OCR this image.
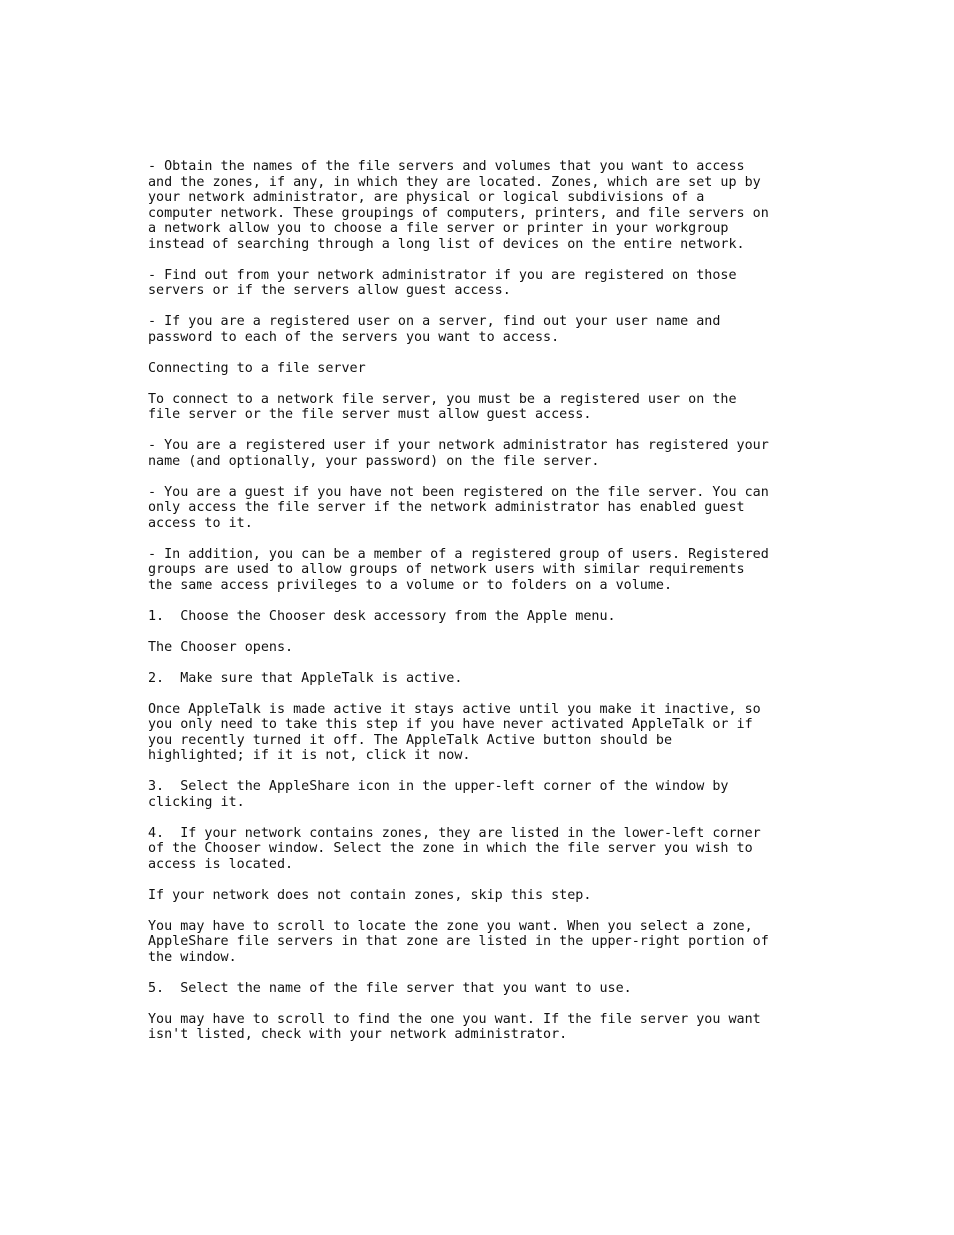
- Obtain the names of the file servers and volumes that you want to access
and the zones, if any, in which they are located. Zones, which are set up by
your network administrator, are physical or logical subdivisions of a
computer network. These groupings of computers, printers, and file servers on
a network allow you to choose a file server or printer in your workgroup
instead of searching through a long list of devices on the entire network.

- Find out from your network administrator if you are registered on those
servers or if the servers allow guest access.

- If you are a registered user on a server, find out your user name and
password to each of the servers you want to access.

Connecting to a file server

To connect to a network file server, you must be a registered user on the
file server or the file server must allow guest access.

- You are a registered user if your network administrator has registered your
name (and optionally, your password) on the file server.

- You are a guest if you have not been registered on the file server. You can
only access the file server if the network administrator has enabled guest
access to it.

- In addition, you can be a member of a registered group of users. Registered
groups are used to allow groups of network users with similar requirements
the same access privileges to a volume or to folders on a volume.

1.  Choose the Chooser desk accessory from the Apple menu.

The Chooser opens.

2.  Make sure that AppleTalk is active.

Once AppleTalk is made active it stays active until you make it inactive, so
you only need to take this step if you have never activated AppleTalk or if
you recently turned it off. The AppleTalk Active button should be
highlighted; if it is not, click it now.

3.  Select the AppleShare icon in the upper-left corner of the window by
clicking it.

4.  If your network contains zones, they are listed in the lower-left corner
of the Chooser window. Select the zone in which the file server you wish to
access is located.

If your network does not contain zones, skip this step.

You may have to scroll to locate the zone you want. When you select a zone,
AppleShare file servers in that zone are listed in the upper-right portion of
the window.

5.  Select the name of the file server that you want to use.

You may have to scroll to find the one you want. If the file server you want
isn't listed, check with your network administrator.
